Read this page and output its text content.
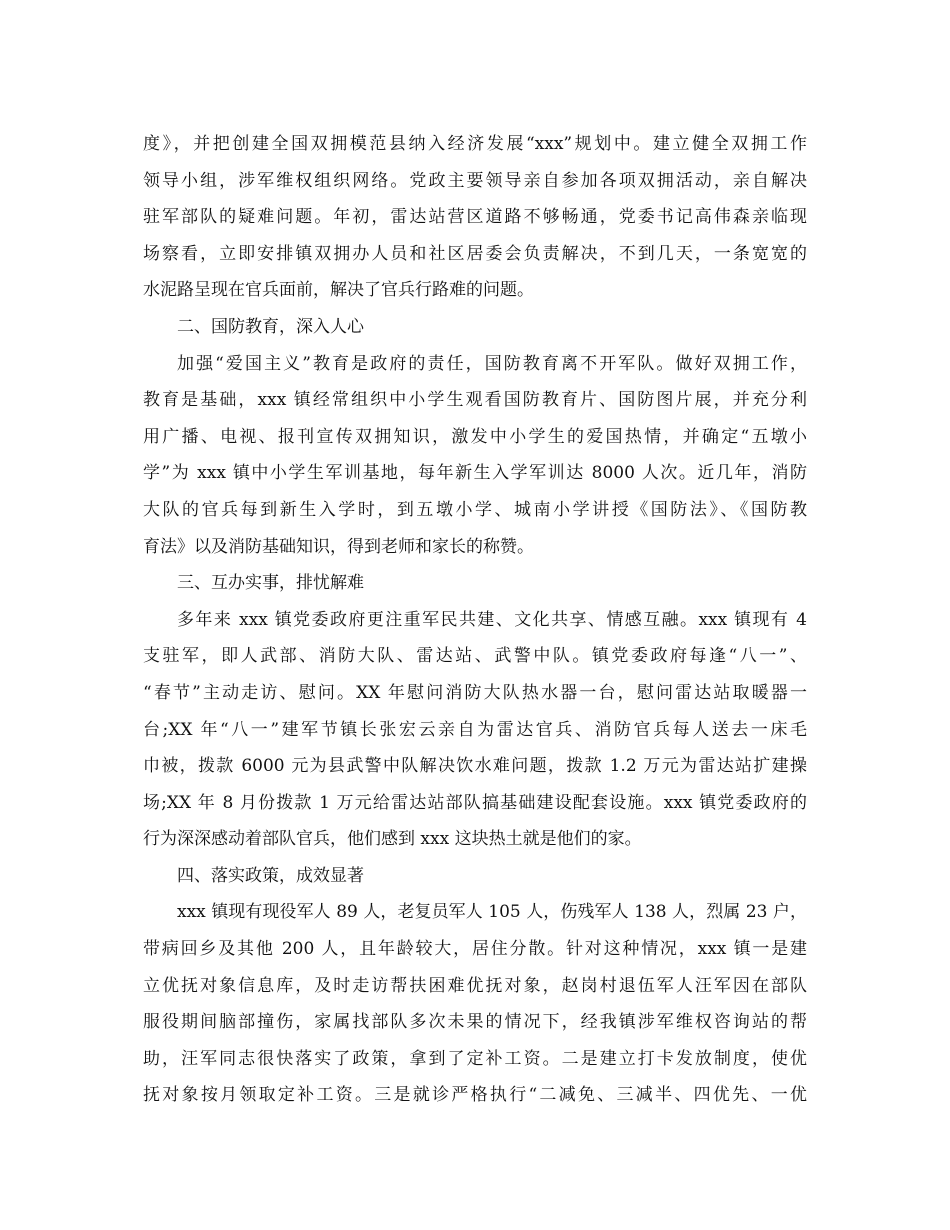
度》，并把创建全国双拥模范县纳入经济发展“xxx”规划中。建立健全双拥工作
领导小组，涉军维权组织网络。党政主要领导亲自参加各项双拥活动，亲自解决
驻军部队的疑难问题。年初，雷达站营区道路不够畅通，党委书记高伟森亲临现
场察看，立即安排镇双拥办人员和社区居委会负责解决，不到几天，一条宽宽的
水泥路呈现在官兵面前，解决了官兵行路难的问题。
二、国防教育，深入人心
加强“爱国主义”教育是政府的责任，国防教育离不开军队。做好双拥工作，
教育是基础，xxx 镇经常组织中小学生观看国防教育片、国防图片展，并充分利
用广播、电视、报刊宣传双拥知识，激发中小学生的爱国热情，并确定“五墩小
学”为 xxx 镇中小学生军训基地，每年新生入学军训达 8000 人次。近几年，消防
大队的官兵每到新生入学时，到五墩小学、城南小学讲授《国防法》、《国防教
育法》以及消防基础知识，得到老师和家长的称赞。
三、互办实事，排忧解难
多年来 xxx 镇党委政府更注重军民共建、文化共享、情感互融。xxx 镇现有 4
支驻军，即人武部、消防大队、雷达站、武警中队。镇党委政府每逢“八一”、
“春节”主动走访、慰问。XX 年慰问消防大队热水器一台，慰问雷达站取暖器一
台;XX 年“八一”建军节镇长张宏云亲自为雷达官兵、消防官兵每人送去一床毛
巾被，拨款 6000 元为县武警中队解决饮水难问题，拨款 1.2 万元为雷达站扩建操
场;XX 年 8 月份拨款 1 万元给雷达站部队搞基础建设配套设施。xxx 镇党委政府的
行为深深感动着部队官兵，他们感到 xxx 这块热土就是他们的家。
四、落实政策，成效显著
xxx 镇现有现役军人 89 人，老复员军人 105 人，伤残军人 138 人，烈属 23 户，
带病回乡及其他 200 人，且年龄较大，居住分散。针对这种情况，xxx 镇一是建
立优抚对象信息库，及时走访帮扶困难优抚对象，赵岗村退伍军人汪军因在部队
服役期间脑部撞伤，家属找部队多次未果的情况下，经我镇涉军维权咨询站的帮
助，汪军同志很快落实了政策，拿到了定补工资。二是建立打卡发放制度，使优
抚对象按月领取定补工资。三是就诊严格执行“二减免、三减半、四优先、一优
